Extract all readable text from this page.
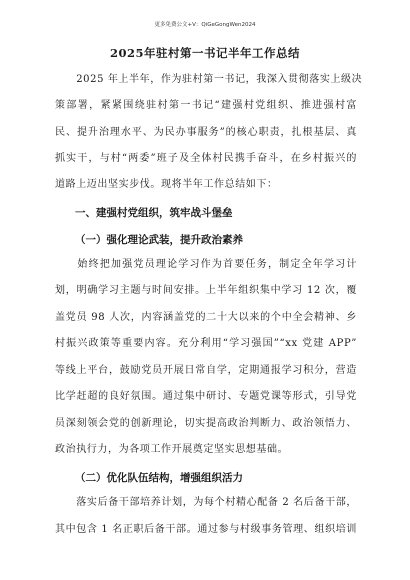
更多免费公文+V：QiGeGongWen2024
2025年驻村第一书记半年工作总结
　　2025 年上半年，作为驻村第一书记，我深入贯彻落实上级决
策部署，紧紧围绕驻村第一书记“建强村党组织、推进强村富
民、提升治理水平、为民办事服务”的核心职责，扎根基层、真
抓实干，与村“两委”班子及全体村民携手奋斗，在乡村振兴的
道路上迈出坚实步伐。现将半年工作总结如下：
一、建强村党组织，筑牢战斗堡垒
（一）强化理论武装，提升政治素养
　　始终把加强党员理论学习作为首要任务，制定全年学习计
划，明确学习主题与时间安排。上半年组织集中学习 12 次，覆
盖党员 98 人次，内容涵盖党的二十大以来的个中全会精神、乡
村振兴政策等重要内容。充分利用“学习强国”“xx 党建 APP”
等线上平台，鼓励党员开展日常自学，定期通报学习积分，营造
比学赶超的良好氛围。通过集中研讨、专题党课等形式，引导党
员深刻领会党的创新理论，切实提高政治判断力、政治领悟力、
政治执行力，为各项工作开展奠定坚实思想基础。
（二）优化队伍结构，增强组织活力
　　落实后备干部培养计划，为每个村精心配备 2 名后备干部，
其中包含 1 名正职后备干部。通过参与村级事务管理、组织培训
